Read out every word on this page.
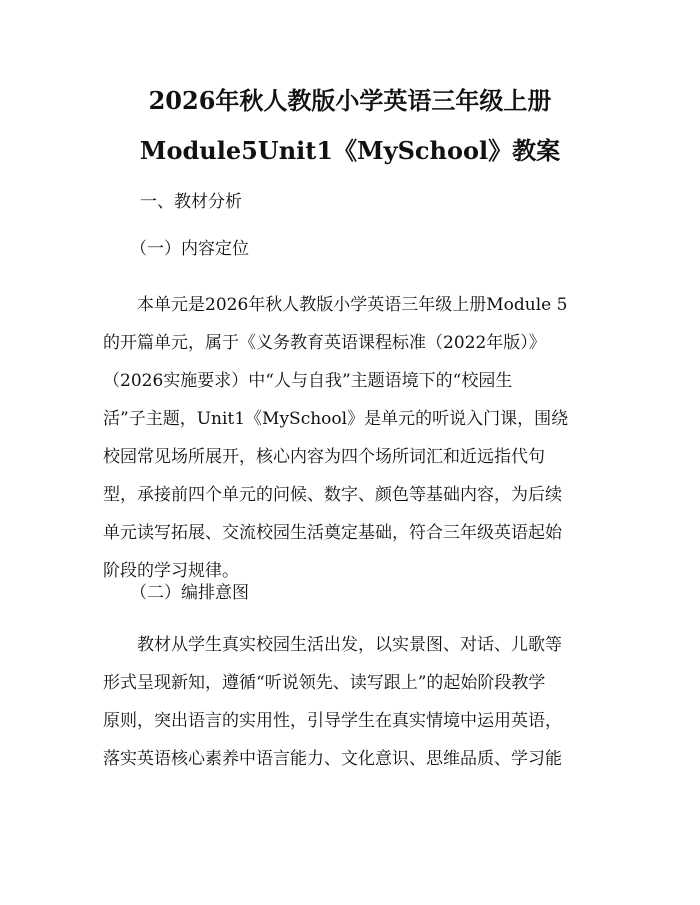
2026年秋人教版小学英语三年级上册
Module5Unit1《MySchool》教案
一、教材分析
（一）内容定位
本单元是2026年秋人教版小学英语三年级上册Module 5
的开篇单元，属于《义务教育英语课程标准（2022年版）》
（2026实施要求）中“人与自我”主题语境下的“校园生
活”子主题，Unit1《MySchool》是单元的听说入门课，围绕
校园常见场所展开，核心内容为四个场所词汇和近远指代句
型，承接前四个单元的问候、数字、颜色等基础内容，为后续
单元读写拓展、交流校园生活奠定基础，符合三年级英语起始
阶段的学习规律。
（二）编排意图
教材从学生真实校园生活出发，以实景图、对话、儿歌等
形式呈现新知，遵循“听说领先、读写跟上”的起始阶段教学
原则，突出语言的实用性，引导学生在真实情境中运用英语，
落实英语核心素养中语言能力、文化意识、思维品质、学习能
